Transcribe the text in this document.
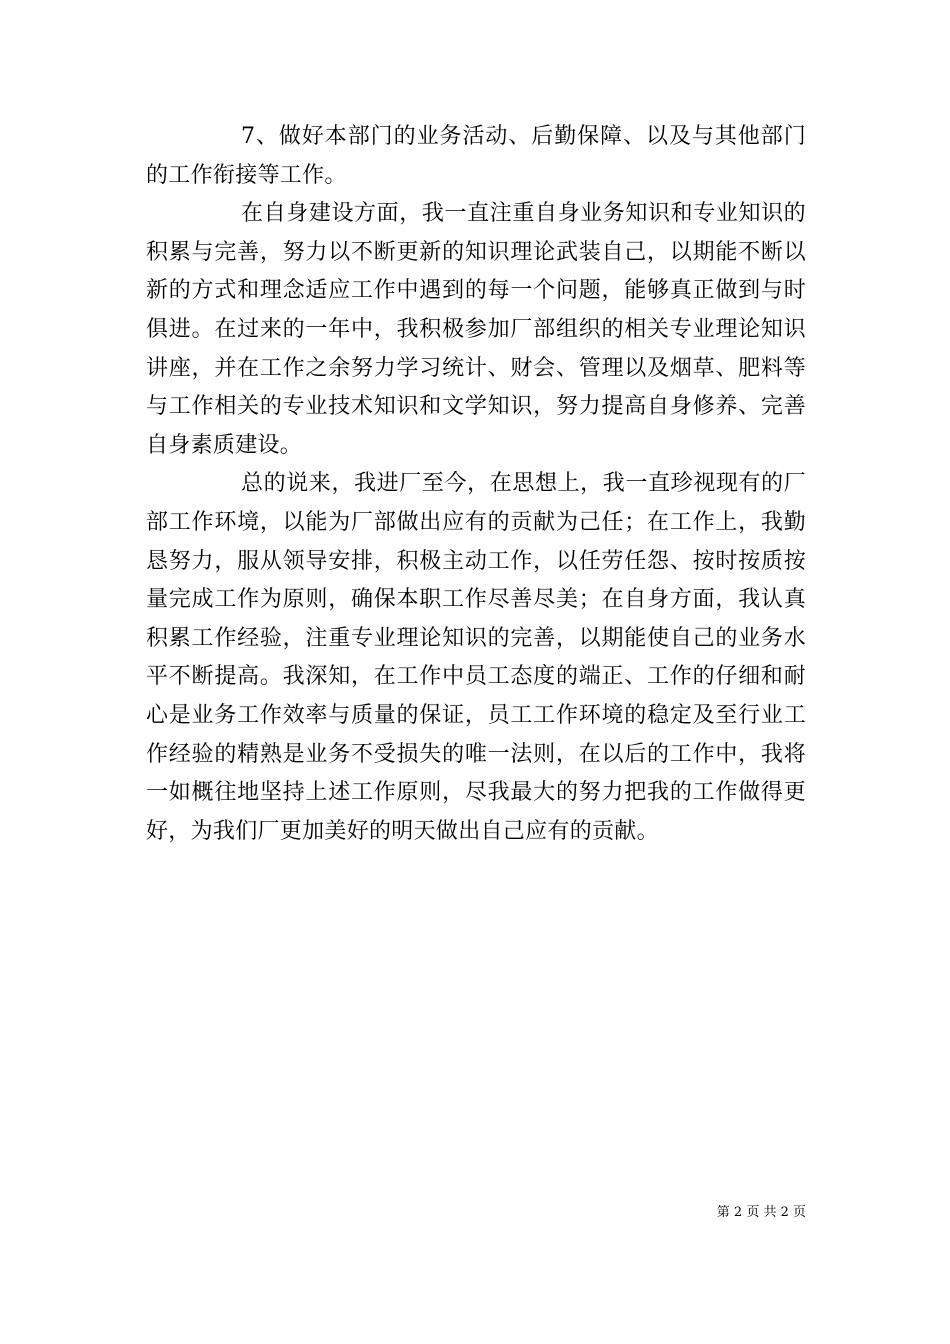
7、做好本部门的业务活动、后勤保障、以及与其他部门的工作衔接等工作。

在自身建设方面，我一直注重自身业务知识和专业知识的积累与完善，努力以不断更新的知识理论武装自己，以期能不断以新的方式和理念适应工作中遇到的每一个问题，能够真正做到与时俱进。在过来的一年中，我积极参加厂部组织的相关专业理论知识讲座，并在工作之余努力学习统计、财会、管理以及烟草、肥料等与工作相关的专业技术知识和文学知识，努力提高自身修养、完善自身素质建设。

总的说来，我进厂至今，在思想上，我一直珍视现有的厂部工作环境，以能为厂部做出应有的贡献为己任；在工作上，我勤恳努力，服从领导安排，积极主动工作，以任劳任怨、按时按质按量完成工作为原则，确保本职工作尽善尽美；在自身方面，我认真积累工作经验，注重专业理论知识的完善，以期能使自己的业务水平不断提高。我深知，在工作中员工态度的端正、工作的仔细和耐心是业务工作效率与质量的保证，员工工作环境的稳定及至行业工作经验的精熟是业务不受损失的唯一法则，在以后的工作中，我将一如概往地坚持上述工作原则，尽我最大的努力把我的工作做得更好，为我们厂更加美好的明天做出自己应有的贡献。

第 2 页 共 2 页
